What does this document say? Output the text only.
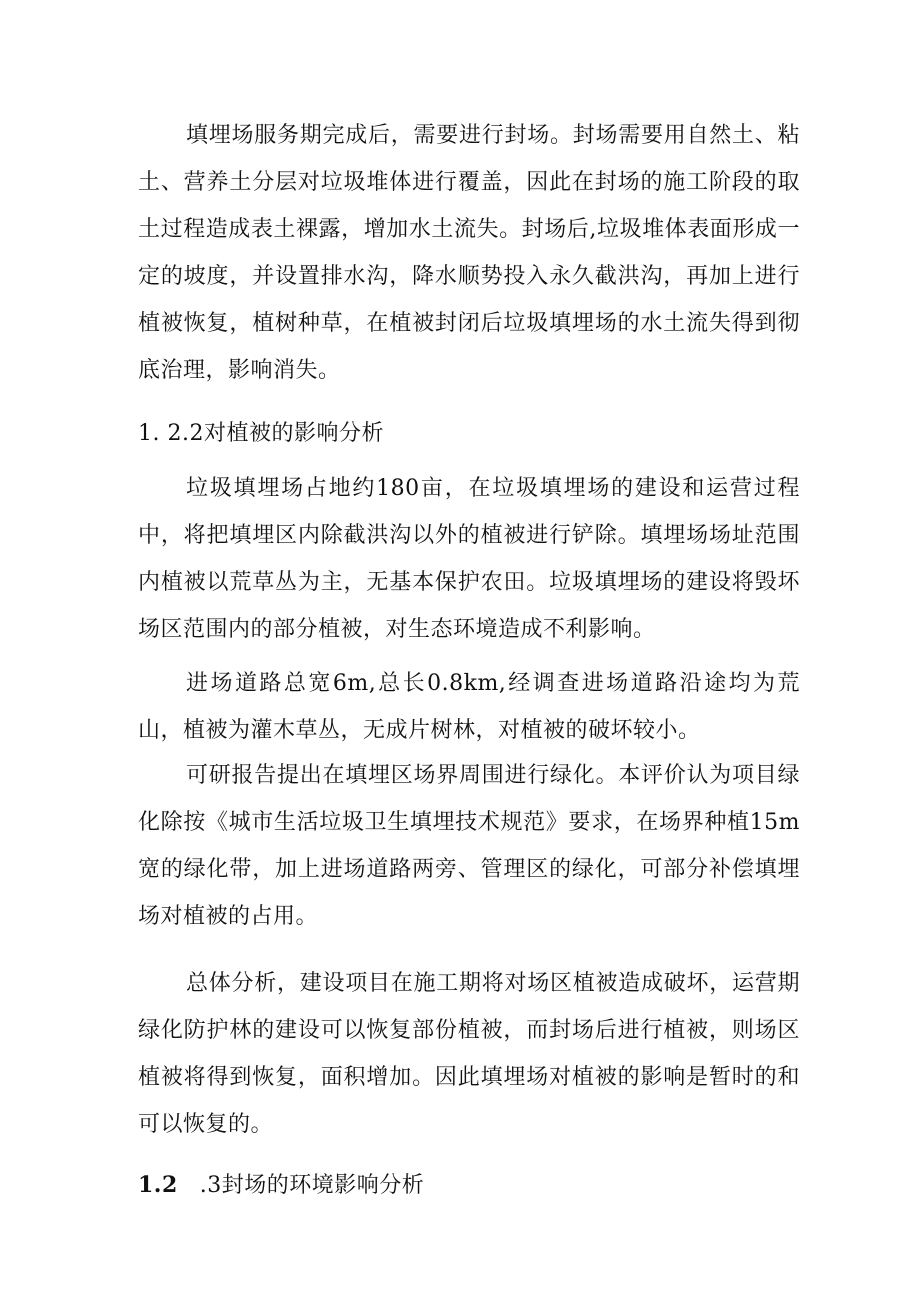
填埋场服务期完成后，需要进行封场。封场需要用自然土、粘土、营养土分层对垃圾堆体进行覆盖，因此在封场的施工阶段的取土过程造成表土裸露，增加水土流失。封场后,垃圾堆体表面形成一定的坡度，并设置排水沟，降水顺势投入永久截洪沟，再加上进行植被恢复，植树种草，在植被封闭后垃圾填埋场的水土流失得到彻底治理，影响消失。

1. 2.2对植被的影响分析

垃圾填埋场占地约180亩，在垃圾填埋场的建设和运营过程中，将把填埋区内除截洪沟以外的植被进行铲除。填埋场场址范围内植被以荒草丛为主，无基本保护农田。垃圾填埋场的建设将毁坏场区范围内的部分植被，对生态环境造成不利影响。

进场道路总宽6m,总长0.8km,经调查进场道路沿途均为荒山，植被为灌木草丛，无成片树林，对植被的破坏较小。

可研报告提出在填埋区场界周围进行绿化。本评价认为项目绿化除按《城市生活垃圾卫生填埋技术规范》要求，在场界种植15m宽的绿化带，加上进场道路两旁、管理区的绿化，可部分补偿填埋场对植被的占用。

总体分析，建设项目在施工期将对场区植被造成破坏，运营期绿化防护林的建设可以恢复部份植被，而封场后进行植被，则场区植被将得到恢复，面积增加。因此填埋场对植被的影响是暂时的和可以恢复的。

1.2 .3封场的环境影响分析
